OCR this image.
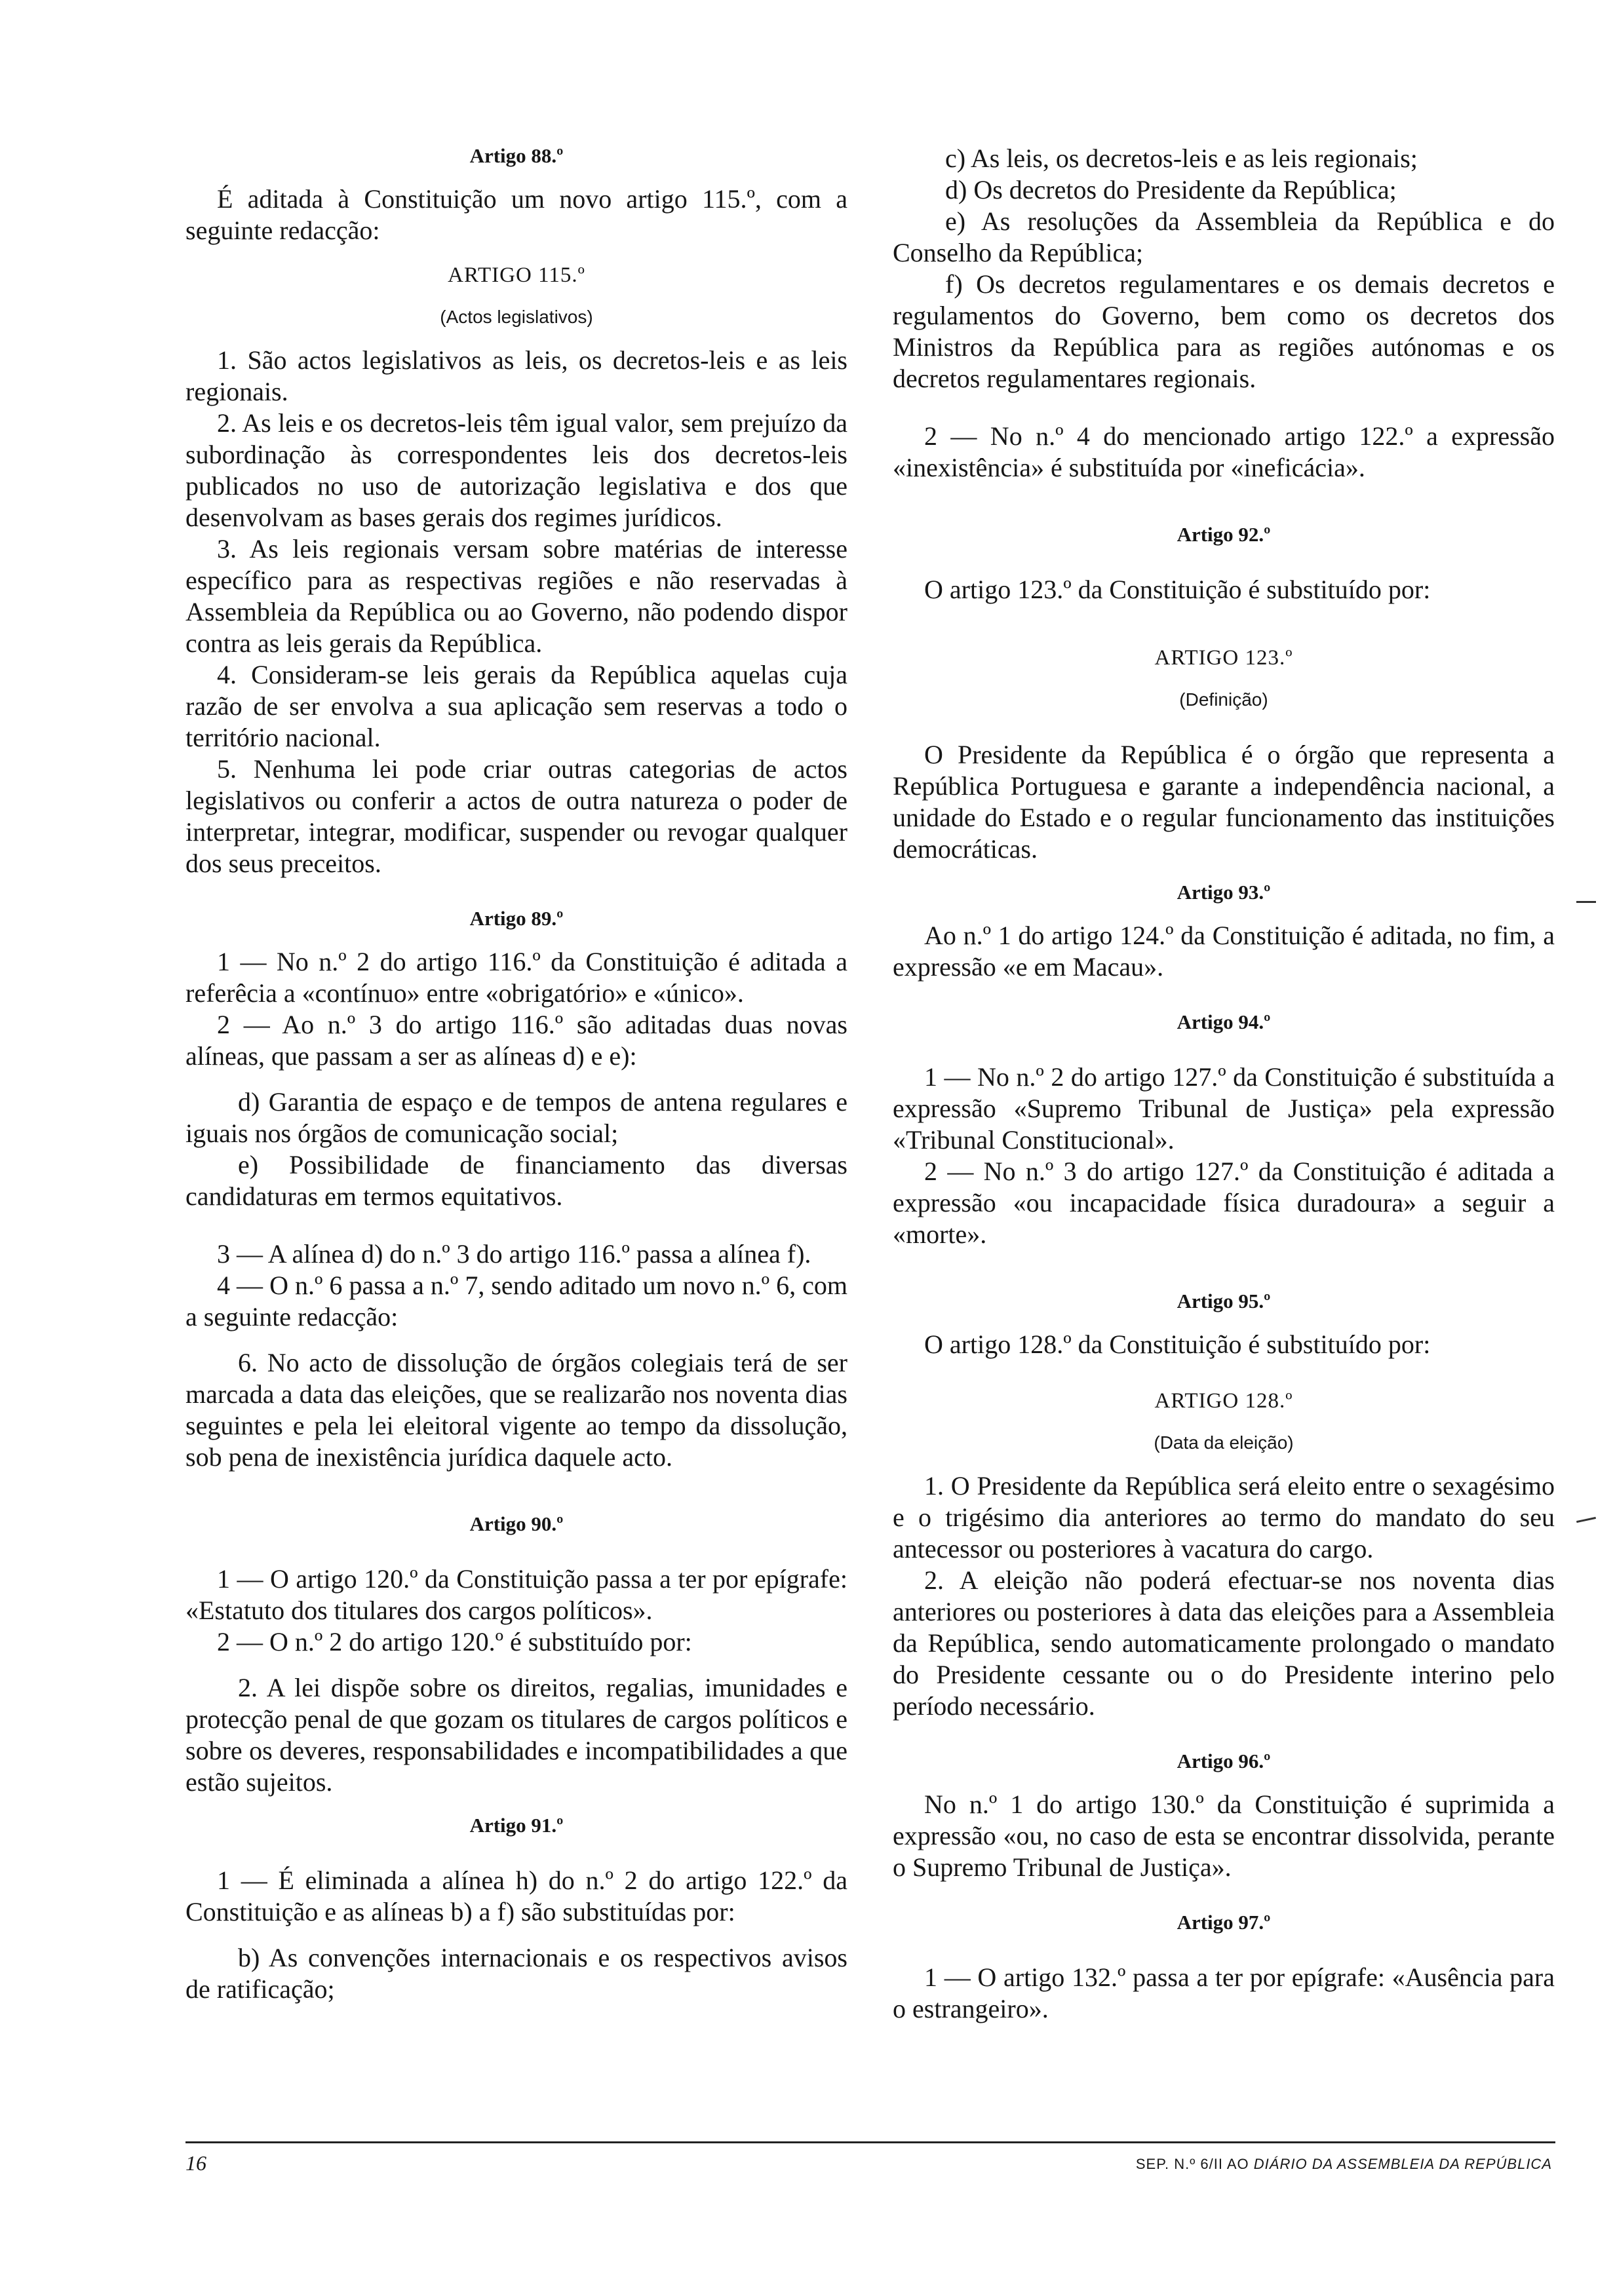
Artigo 88.º

É aditada à Constituição um novo artigo 115.º, com a seguinte redacção:

ARTIGO 115.º

(Actos legislativos)

1. São actos legislativos as leis, os decretos-leis e as leis regionais.

2. As leis e os decretos-leis têm igual valor, sem prejuízo da subordinação às correspondentes leis dos decretos-leis publicados no uso de autorização legislativa e dos que desenvolvam as bases gerais dos regimes jurídicos.

3. As leis regionais versam sobre matérias de interesse específico para as respectivas regiões e não reservadas à Assembleia da República ou ao Governo, não podendo dispor contra as leis gerais da República.

4. Consideram-se leis gerais da República aquelas cuja razão de ser envolva a sua aplicação sem reservas a todo o território nacional.

5. Nenhuma lei pode criar outras categorias de actos legislativos ou conferir a actos de outra natureza o poder de interpretar, integrar, modificar, suspender ou revogar qualquer dos seus preceitos.

Artigo 89.º

1 — No n.º 2 do artigo 116.º da Constituição é aditada a referêcia a «contínuo» entre «obrigatório» e «único».

2 — Ao n.º 3 do artigo 116.º são aditadas duas novas alíneas, que passam a ser as alíneas d) e e):

d) Garantia de espaço e de tempos de antena regulares e iguais nos órgãos de comunicação social;

e) Possibilidade de financiamento das diversas candidaturas em termos equitativos.

3 — A alínea d) do n.º 3 do artigo 116.º passa a alínea f).

4 — O n.º 6 passa a n.º 7, sendo aditado um novo n.º 6, com a seguinte redacção:

6. No acto de dissolução de órgãos colegiais terá de ser marcada a data das eleições, que se realizarão nos noventa dias seguintes e pela lei eleitoral vigente ao tempo da dissolução, sob pena de inexistência jurídica daquele acto.

Artigo 90.º

1 — O artigo 120.º da Constituição passa a ter por epígrafe: «Estatuto dos titulares dos cargos políticos».

2 — O n.º 2 do artigo 120.º é substituído por:

2. A lei dispõe sobre os direitos, regalias, imunidades e protecção penal de que gozam os titulares de cargos políticos e sobre os deveres, responsabilidades e incompatibilidades a que estão sujeitos.

Artigo 91.º

1 — É eliminada a alínea h) do n.º 2 do artigo 122.º da Constituição e as alíneas b) a f) são substituídas por:

b) As convenções internacionais e os respectivos avisos de ratificação;

c) As leis, os decretos-leis e as leis regionais;

d) Os decretos do Presidente da República;

e) As resoluções da Assembleia da República e do Conselho da República;

f) Os decretos regulamentares e os demais decretos e regulamentos do Governo, bem como os decretos dos Ministros da República para as regiões autónomas e os decretos regulamentares regionais.

2 — No n.º 4 do mencionado artigo 122.º a expressão «inexistência» é substituída por «ineficácia».

Artigo 92.º

O artigo 123.º da Constituição é substituído por:

ARTIGO 123.º

(Definição)

O Presidente da República é o órgão que representa a República Portuguesa e garante a independência nacional, a unidade do Estado e o regular funcionamento das instituições democráticas.

Artigo 93.º

Ao n.º 1 do artigo 124.º da Constituição é aditada, no fim, a expressão «e em Macau».

Artigo 94.º

1 — No n.º 2 do artigo 127.º da Constituição é substituída a expressão «Supremo Tribunal de Justiça» pela expressão «Tribunal Constitucional».

2 — No n.º 3 do artigo 127.º da Constituição é aditada a expressão «ou incapacidade física duradoura» a seguir a «morte».

Artigo 95.º

O artigo 128.º da Constituição é substituído por:

ARTIGO 128.º

(Data da eleição)

1. O Presidente da República será eleito entre o sexagésimo e o trigésimo dia anteriores ao termo do mandato do seu antecessor ou posteriores à vacatura do cargo.

2. A eleição não poderá efectuar-se nos noventa dias anteriores ou posteriores à data das eleições para a Assembleia da República, sendo automaticamente prolongado o mandato do Presidente cessante ou o do Presidente interino pelo período necessário.

Artigo 96.º

No n.º 1 do artigo 130.º da Constituição é suprimida a expressão «ou, no caso de esta se encontrar dissolvida, perante o Supremo Tribunal de Justiça».

Artigo 97.º

1 — O artigo 132.º passa a ter por epígrafe: «Ausência para o estrangeiro».

16	SEP. N.º 6/II AO DIÁRIO DA ASSEMBLEIA DA REPÚBLICA
